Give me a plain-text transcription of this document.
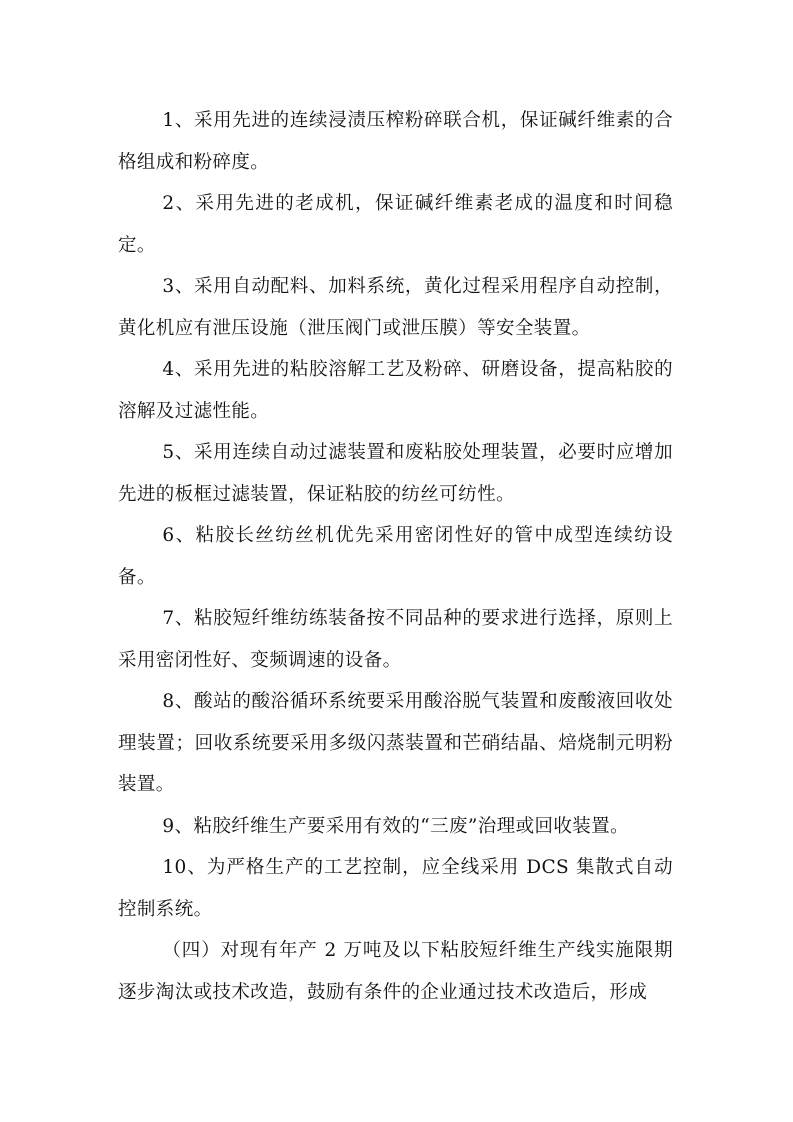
1、采用先进的连续浸渍压榨粉碎联合机，保证碱纤维素的合格组成和粉碎度。

2、采用先进的老成机，保证碱纤维素老成的温度和时间稳定。

3、采用自动配料、加料系统，黄化过程采用程序自动控制，黄化机应有泄压设施（泄压阀门或泄压膜）等安全装置。

4、采用先进的粘胶溶解工艺及粉碎、研磨设备，提高粘胶的溶解及过滤性能。

5、采用连续自动过滤装置和废粘胶处理装置，必要时应增加先进的板框过滤装置，保证粘胶的纺丝可纺性。

6、粘胶长丝纺丝机优先采用密闭性好的管中成型连续纺设备。

7、粘胶短纤维纺练装备按不同品种的要求进行选择，原则上采用密闭性好、变频调速的设备。

8、酸站的酸浴循环系统要采用酸浴脱气装置和废酸液回收处理装置；回收系统要采用多级闪蒸装置和芒硝结晶、焙烧制元明粉装置。

9、粘胶纤维生产要采用有效的“三废”治理或回收装置。

10、为严格生产的工艺控制，应全线采用 DCS 集散式自动控制系统。

（四）对现有年产 2 万吨及以下粘胶短纤维生产线实施限期逐步淘汰或技术改造，鼓励有条件的企业通过技术改造后，形成
